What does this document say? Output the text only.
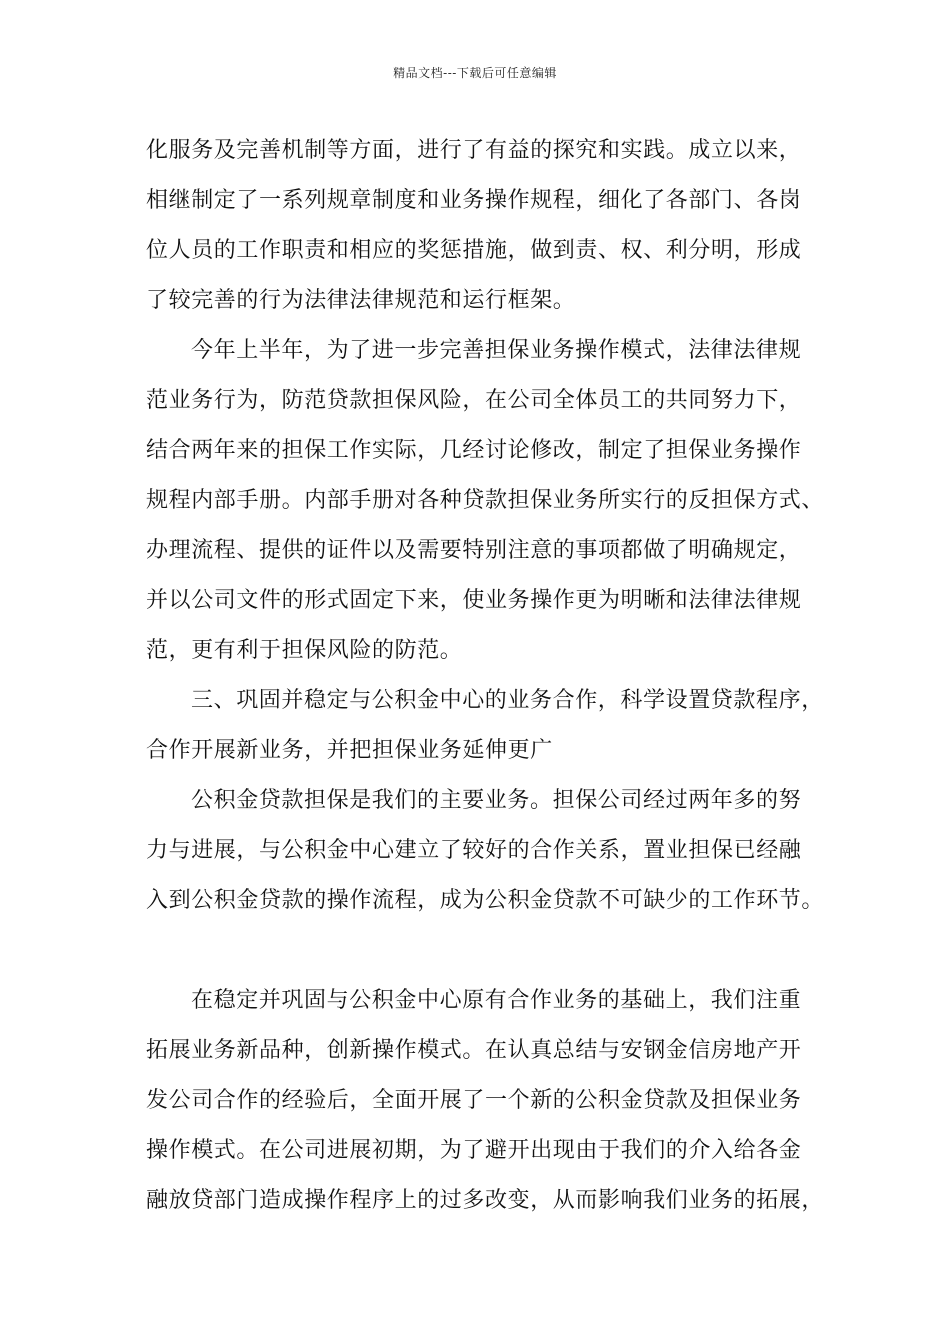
精品文档---下载后可任意编辑
化服务及完善机制等方面，进行了有益的探究和实践。成立以来，
相继制定了一系列规章制度和业务操作规程，细化了各部门、各岗
位人员的工作职责和相应的奖惩措施，做到责、权、利分明，形成
了较完善的行为法律法律规范和运行框架。
今年上半年，为了进一步完善担保业务操作模式，法律法律规
范业务行为，防范贷款担保风险，在公司全体员工的共同努力下，
结合两年来的担保工作实际，几经讨论修改，制定了担保业务操作
规程内部手册。内部手册对各种贷款担保业务所实行的反担保方式、
办理流程、提供的证件以及需要特别注意的事项都做了明确规定，
并以公司文件的形式固定下来，使业务操作更为明晰和法律法律规
范，更有利于担保风险的防范。
三、巩固并稳定与公积金中心的业务合作，科学设置贷款程序，
合作开展新业务，并把担保业务延伸更广
公积金贷款担保是我们的主要业务。担保公司经过两年多的努
力与进展，与公积金中心建立了较好的合作关系，置业担保已经融
入到公积金贷款的操作流程，成为公积金贷款不可缺少的工作环节。
在稳定并巩固与公积金中心原有合作业务的基础上，我们注重
拓展业务新品种，创新操作模式。在认真总结与安钢金信房地产开
发公司合作的经验后，全面开展了一个新的公积金贷款及担保业务
操作模式。在公司进展初期，为了避开出现由于我们的介入给各金
融放贷部门造成操作程序上的过多改变，从而影响我们业务的拓展，
